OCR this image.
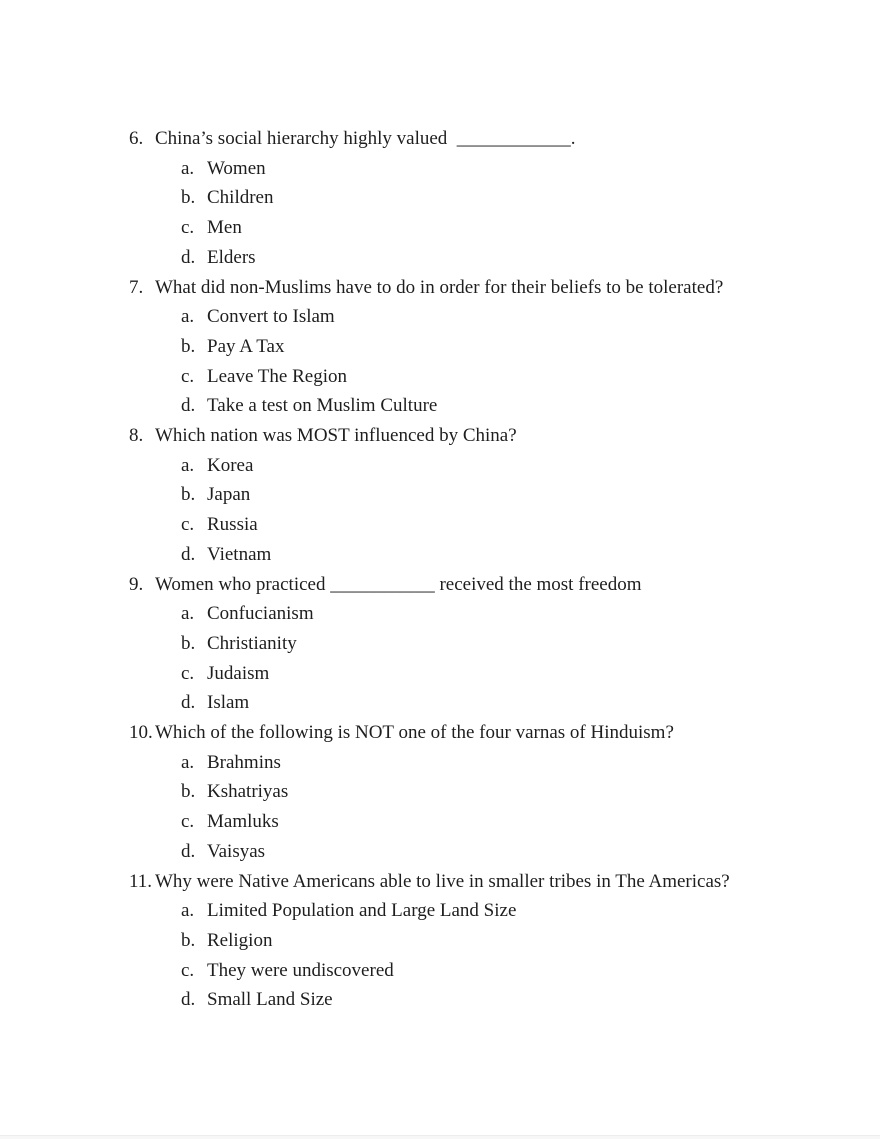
6. China’s social hierarchy highly valued  ____________.
a. Women
b. Children
c. Men
d. Elders
7. What did non-Muslims have to do in order for their beliefs to be tolerated?
a. Convert to Islam
b. Pay A Tax
c. Leave The Region
d. Take a test on Muslim Culture
8. Which nation was MOST influenced by China?
a. Korea
b. Japan
c. Russia
d. Vietnam
9. Women who practiced ___________ received the most freedom
a. Confucianism
b. Christianity
c. Judaism
d. Islam
10. Which of the following is NOT one of the four varnas of Hinduism?
a. Brahmins
b. Kshatriyas
c. Mamluks
d. Vaisyas
11. Why were Native Americans able to live in smaller tribes in The Americas?
a. Limited Population and Large Land Size
b. Religion
c. They were undiscovered
d. Small Land Size
